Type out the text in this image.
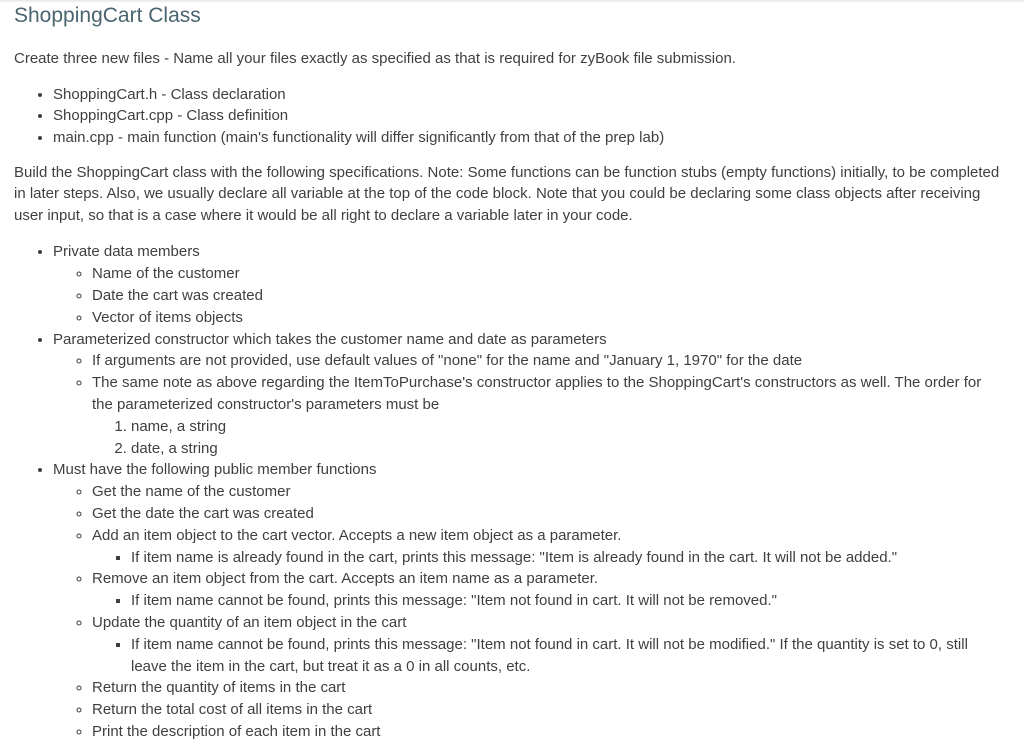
ShoppingCart Class

Create three new files - Name all your files exactly as specified as that is required for zyBook file submission.

• ShoppingCart.h - Class declaration
• ShoppingCart.cpp - Class definition
• main.cpp - main function (main's functionality will differ significantly from that of the prep lab)

Build the ShoppingCart class with the following specifications. Note: Some functions can be function stubs (empty functions) initially, to be completed in later steps. Also, we usually declare all variable at the top of the code block. Note that you could be declaring some class objects after receiving user input, so that is a case where it would be all right to declare a variable later in your code.

• Private data members
◦ Name of the customer
◦ Date the cart was created
◦ Vector of items objects
• Parameterized constructor which takes the customer name and date as parameters
◦ If arguments are not provided, use default values of "none" for the name and "January 1, 1970" for the date
◦ The same note as above regarding the ItemToPurchase's constructor applies to the ShoppingCart's constructors as well. The order for the parameterized constructor's parameters must be
1. name, a string
2. date, a string
• Must have the following public member functions
◦ Get the name of the customer
◦ Get the date the cart was created
◦ Add an item object to the cart vector. Accepts a new item object as a parameter.
▪ If item name is already found in the cart, prints this message: "Item is already found in the cart. It will not be added."
◦ Remove an item object from the cart. Accepts an item name as a parameter.
▪ If item name cannot be found, prints this message: "Item not found in cart. It will not be removed."
◦ Update the quantity of an item object in the cart
▪ If item name cannot be found, prints this message: "Item not found in cart. It will not be modified." If the quantity is set to 0, still leave the item in the cart, but treat it as a 0 in all counts, etc.
◦ Return the quantity of items in the cart
◦ Return the total cost of all items in the cart
◦ Print the description of each item in the cart
